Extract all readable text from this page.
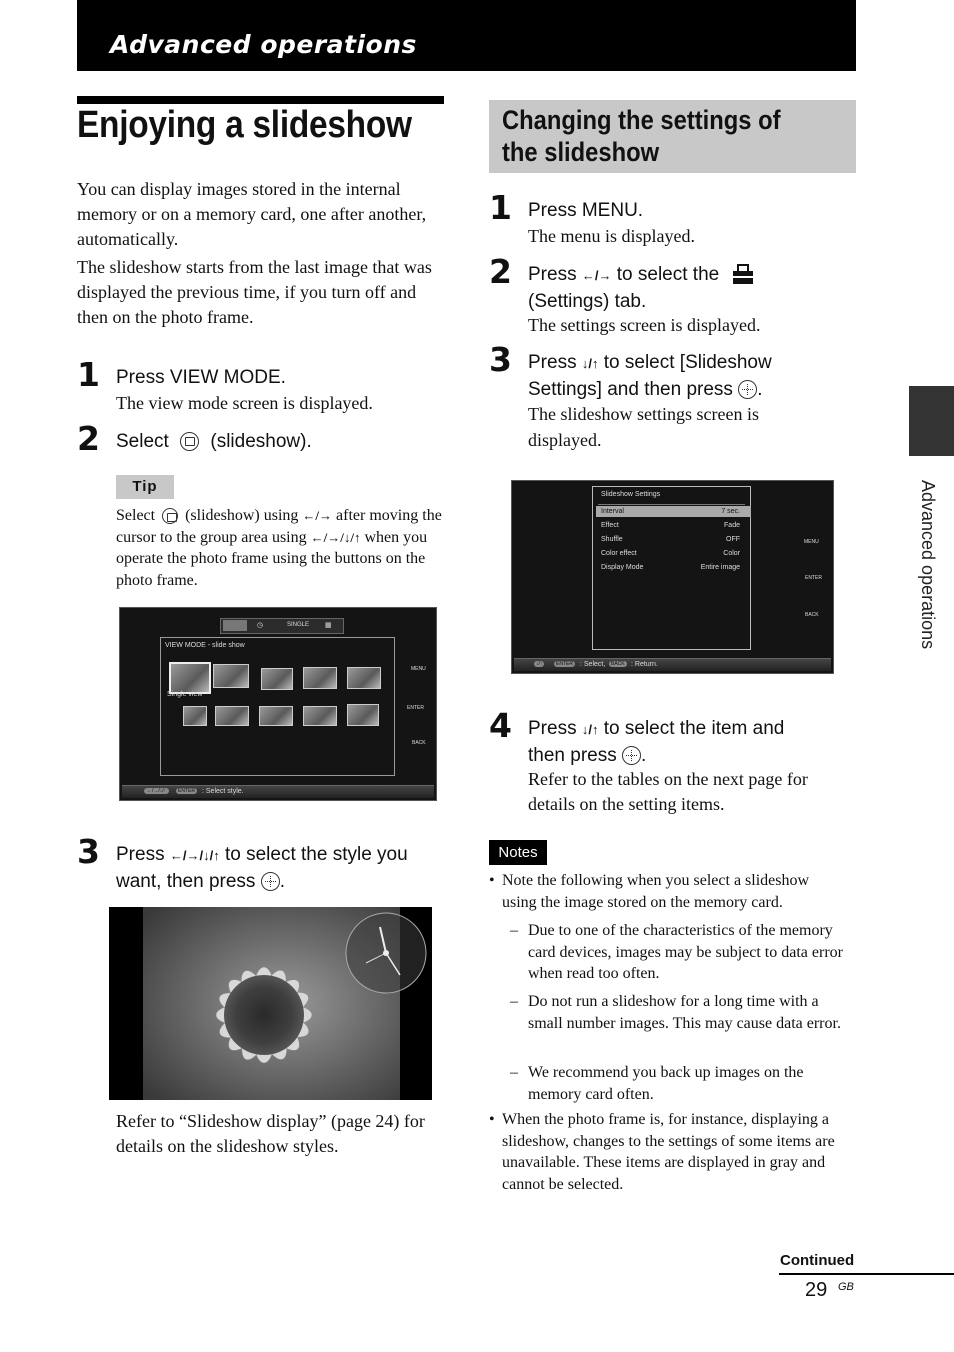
Advanced operations
Enjoying a slideshow
You can display images stored in the internal memory or on a memory card, one after another, automatically.
The slideshow starts from the last image that was displayed the previous time, if you turn off and then on the photo frame.
1 Press VIEW MODE.
The view mode screen is displayed.
2 Select (slideshow).
Tip
Select (slideshow) using ←/→ after moving the cursor to the group area using ←/→/↓/↑ when you operate the photo frame using the buttons on the photo frame.
◷	SINGLE ▦
VIEW MODE - slide show
Single view
MENU
ENTER
BACK
←/→/↓/↑	ENTER : Select style.
3 Press ←/→/↓/↑ to select the style you want, then press .
Refer to “Slideshow display” (page 24) for details on the slideshow styles.
Changing the settings of the slideshow
1 Press MENU.
The menu is displayed.
2 Press ←/→ to select the
(Settings) tab.
The settings screen is displayed.
3 Press ↓/↑ to select [Slideshow
Settings] and then press .
The slideshow settings screen is displayed.
Slideshow Settings
Interval	7 sec.
Effect	Fade
Shuffle	OFF
Color effect	Color
Display Mode	Entire image
MENU
ENTER
BACK
↓/↑	ENTER : Select,	BACK : Return.
4 Press ↓/↑ to select the item and
then press .
Refer to the tables on the next page for details on the setting items.
Notes
• Note the following when you select a slideshow using the image stored on the memory card.
– Due to one of the characteristics of the memory card devices, images may be subject to data error when read too often.
– Do not run a slideshow for a long time with a small number images. This may cause data error.
– We recommend you back up images on the memory card often.
• When the photo frame is, for instance, displaying a slideshow, changes to the settings of some items are unavailable. These items are displayed in gray and cannot be selected.
Advanced operations
Continued
29 GB
